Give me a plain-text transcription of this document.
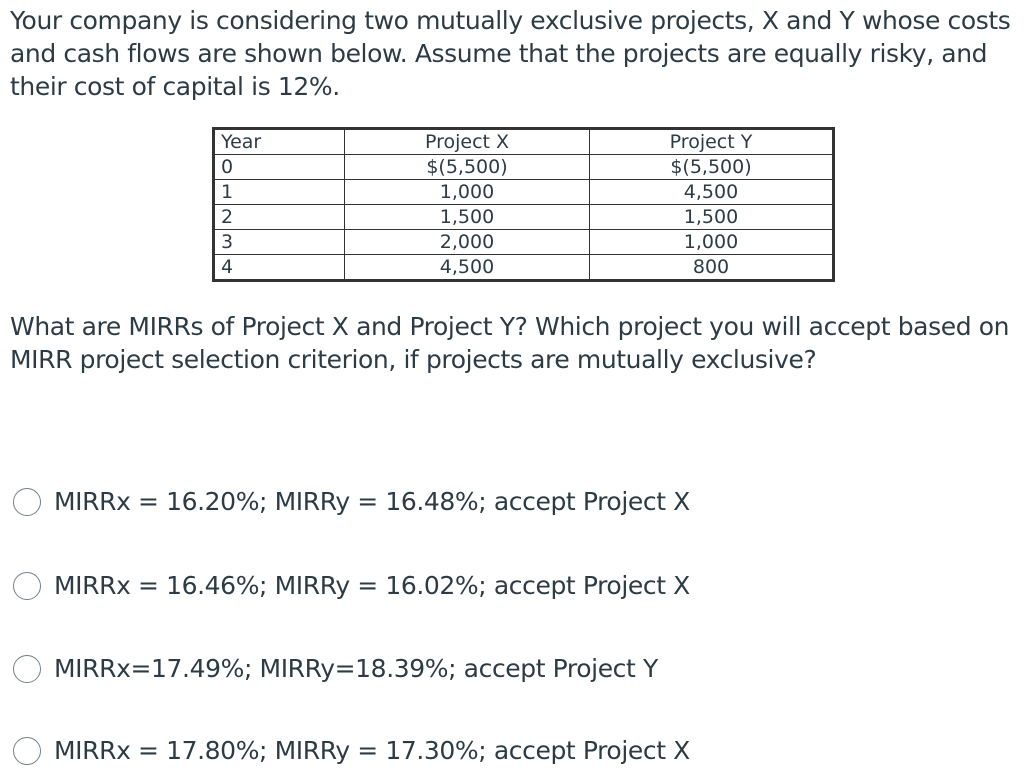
Your company is considering two mutually exclusive projects, X and Y whose costs and cash flows are shown below. Assume that the projects are equally risky, and their cost of capital is 12%.
Year	Project X	Project Y
0	$(5,500)	$(5,500)
1	1,000	4,500
2	1,500	1,500
3	2,000	1,000
4	4,500	800
What are MIRRs of Project X and Project Y? Which project you will accept based on MIRR project selection criterion, if projects are mutually exclusive?
MIRRx = 16.20%; MIRRy = 16.48%; accept Project X
MIRRx = 16.46%; MIRRy = 16.02%; accept Project X
MIRRx=17.49%; MIRRy=18.39%; accept Project Y
MIRRx = 17.80%; MIRRy = 17.30%; accept Project X
